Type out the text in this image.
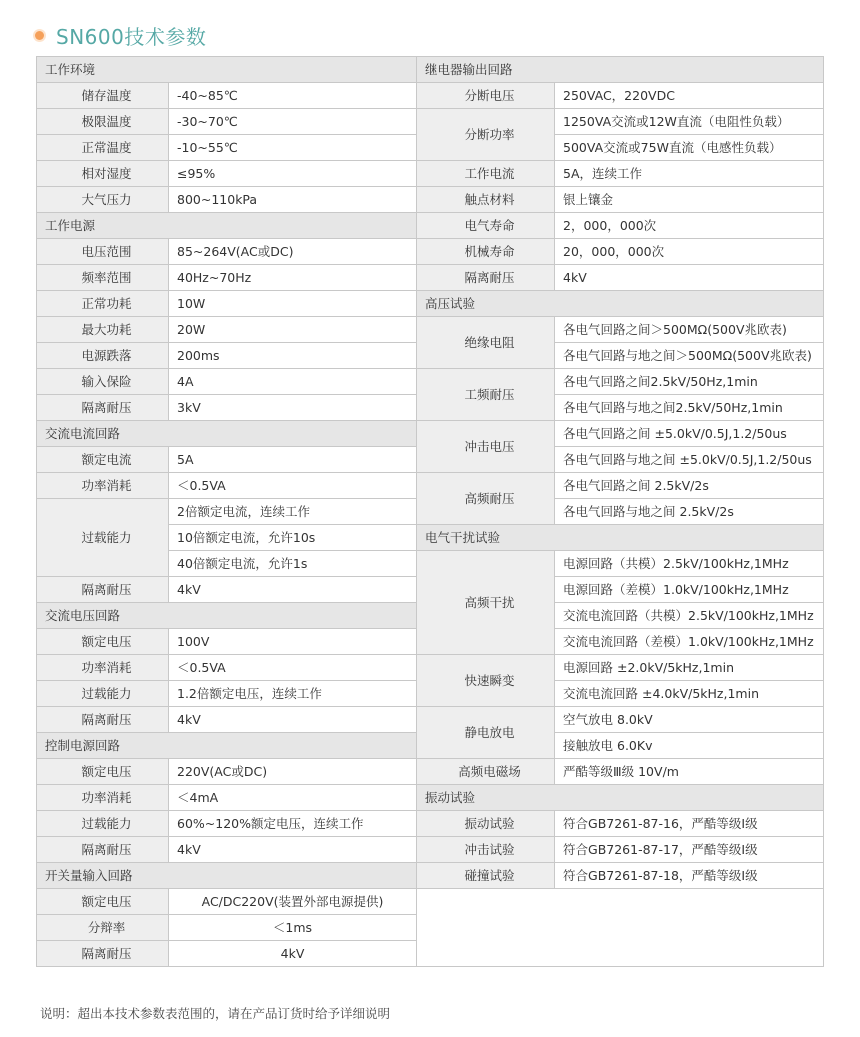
SN600技术参数
工作环境		继电器输出回路	
储存温度	-40~85℃	分断电压	250VAC，220VDC
极限温度	-30~70℃	分断功率	1250VA交流或12W直流（电阻性负载）
正常温度	-10~55℃		500VA交流或75W直流（电感性负载）
相对湿度	≤95%	工作电流	5A，连续工作
大气压力	800~110kPa	触点材料	银上镶金
工作电源		电气寿命	2，000，000次
电压范围	85~264V(AC或DC)	机械寿命	20，000，000次
频率范围	40Hz~70Hz	隔离耐压	4kV
正常功耗	10W	高压试验	
最大功耗	20W	绝缘电阻	各电气回路之间＞500MΩ(500V兆欧表)
电源跌落	200ms		各电气回路与地之间＞500MΩ(500V兆欧表)
输入保险	4A	工频耐压	各电气回路之间2.5kV/50Hz,1min
隔离耐压	3kV		各电气回路与地之间2.5kV/50Hz,1min
交流电流回路		冲击电压	各电气回路之间 ±5.0kV/0.5J,1.2/50us
额定电流	5A		各电气回路与地之间 ±5.0kV/0.5J,1.2/50us
功率消耗	＜0.5VA	高频耐压	各电气回路之间 2.5kV/2s
过载能力	2倍额定电流，连续工作		各电气回路与地之间 2.5kV/2s
	10倍额定电流，允许10s	电气干扰试验	
	40倍额定电流，允许1s	高频干扰	电源回路（共模）2.5kV/100kHz,1MHz
隔离耐压	4kV		电源回路（差模）1.0kV/100kHz,1MHz
交流电压回路			交流电流回路（共模）2.5kV/100kHz,1MHz
额定电压	100V		交流电流回路（差模）1.0kV/100kHz,1MHz
功率消耗	＜0.5VA	快速瞬变	电源回路 ±2.0kV/5kHz,1min
过载能力	1.2倍额定电压，连续工作		交流电流回路 ±4.0kV/5kHz,1min
隔离耐压	4kV	静电放电	空气放电 8.0kV
控制电源回路			接触放电 6.0Kv
额定电压	220V(AC或DC)	高频电磁场	严酷等级Ⅲ级 10V/m
功率消耗	＜4mA	振动试验	
过载能力	60%~120%额定电压，连续工作	振动试验	符合GB7261-87-16，严酷等级Ⅰ级
隔离耐压	4kV	冲击试验	符合GB7261-87-17，严酷等级Ⅰ级
开关量输入回路		碰撞试验	符合GB7261-87-18，严酷等级Ⅰ级
额定电压	AC/DC220V(装置外部电源提供)		
分辩率	＜1ms		
隔离耐压	4kV		
说明：超出本技术参数表范围的，请在产品订货时给予详细说明
